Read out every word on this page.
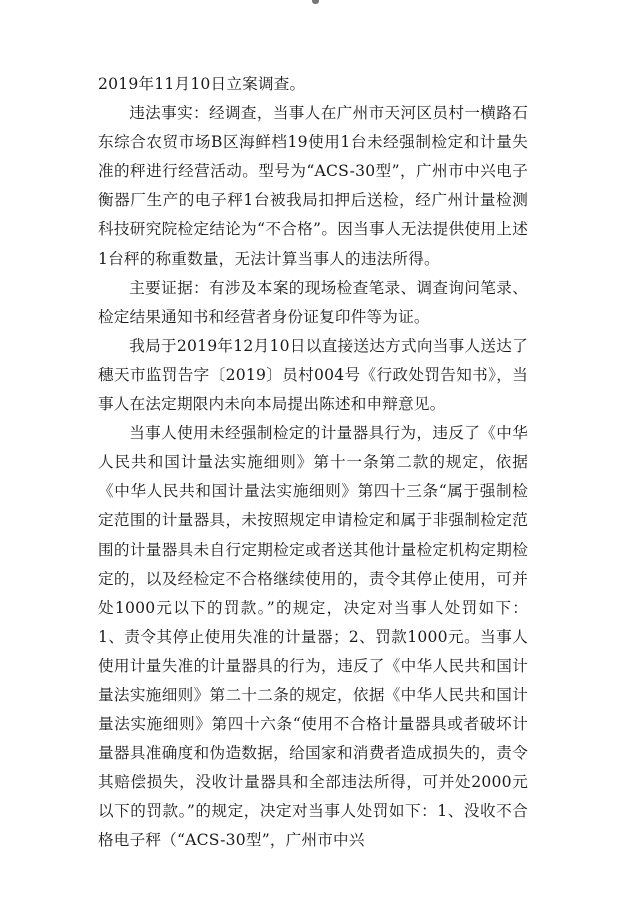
2019年11月10日立案调查。

违法事实：经调查，当事人在广州市天河区员村一横路石东综合农贸市场B区海鲜档19使用1台未经强制检定和计量失准的秤进行经营活动。型号为“ACS-30型”，广州市中兴电子衡器厂生产的电子秤1台被我局扣押后送检，经广州计量检测科技研究院检定结论为“不合格”。因当事人无法提供使用上述1台秤的称重数量，无法计算当事人的违法所得。

主要证据：有涉及本案的现场检查笔录、调查询问笔录、检定结果通知书和经营者身份证复印件等为证。

我局于2019年12月10日以直接送达方式向当事人送达了穗天市监罚告字〔2019〕员村004号《行政处罚告知书》，当事人在法定期限内未向本局提出陈述和申辩意见。

当事人使用未经强制检定的计量器具行为，违反了《中华人民共和国计量法实施细则》第十一条第二款的规定，依据《中华人民共和国计量法实施细则》第四十三条“属于强制检定范围的计量器具，未按照规定申请检定和属于非强制检定范围的计量器具未自行定期检定或者送其他计量检定机构定期检定的，以及经检定不合格继续使用的，责令其停止使用，可并处1000元以下的罚款。”的规定，决定对当事人处罚如下：1、责令其停止使用失准的计量器；2、罚款1000元。当事人使用计量失准的计量器具的行为，违反了《中华人民共和国计量法实施细则》第二十二条的规定，依据《中华人民共和国计量法实施细则》第四十六条“使用不合格计量器具或者破坏计量器具准确度和伪造数据，给国家和消费者造成损失的，责令其赔偿损失，没收计量器具和全部违法所得，可并处2000元以下的罚款。”的规定，决定对当事人处罚如下：1、没收不合格电子秤（“ACS-30型”，广州市中兴
